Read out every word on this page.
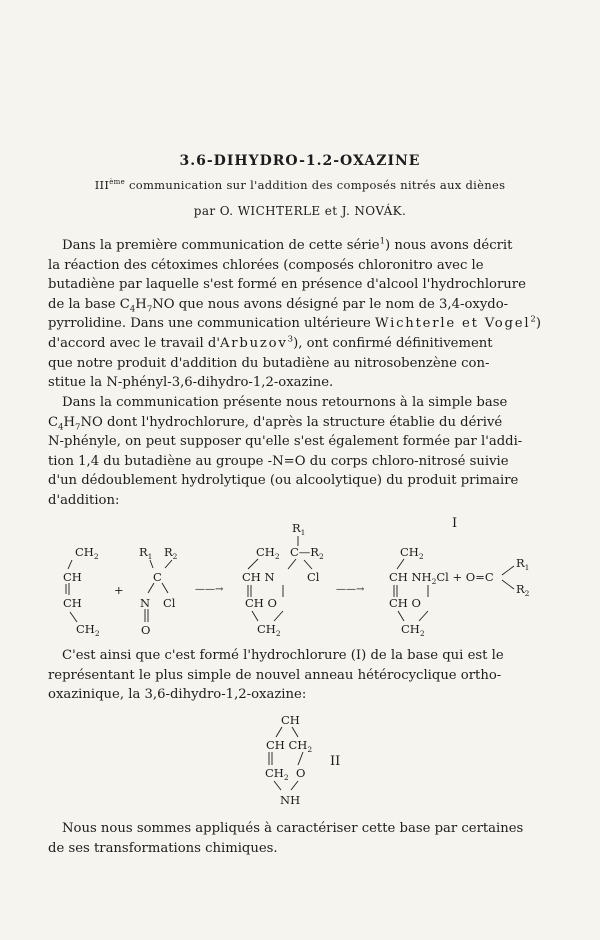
3.6-DIHYDRO-1.2-OXAZINE
IIIème communication sur l'addition des composés nitrés aux diènes
par O. WICHTERLE et J. NOVÁK.
Dans la première communication de cette série$^1$) nous avons décrit
la réaction des cétoximes chlorées (composés chloronitro avec le
butadiène par laquelle s'est formé en présence d'alcool l'hydrochlorure
de la base $C_4H_7NO$ que nous avons désigné par le nom de 3,4-oxydo-
pyrrolidine. Dans une communication ultérieure Wichterle et Vogel$^2$)
d'accord avec le travail d'Arbuzov$^3$), ont confirmé définitivement
que notre produit d'addition du butadiène au nitrosobenzène con-
stitue la N-phényl-3,6-dihydro-1,2-oxazine.
Dans la communication présente nous retournons à la simple base
$C_4H_7NO$ dont l'hydrochlorure, d'après la structure établie du dérivé
N-phényle, on peut supposer qu'elle s'est également formée par l'addi-
tion 1,4 du butadiène au groupe -N=O du corps chloro-nitrosé suivie
d'un dédoublement hydrolytique (ou alcoolytique) du produit primaire
d'addition:
$CH_2$
CH
CH
$CH_2$
+
$R_1$ $R_2$
C
N Cl
O
——→
$R_1$
$CH_2$ $C—R_2$
CH N	Cl
CH O
$CH_2$
——→
I
$CH_2$
CH $NH_2Cl + O=C$
$R_1$
$R_2$
CH O
$CH_2$
C'est ainsi que c'est formé l'hydrochlorure (I) de la base qui est le
représentant le plus simple de nouvel anneau hétérocyclique ortho-
oxazinique, la 3,6-dihydro-1,2-oxazine:
CH
CH $CH_2$
$CH_2$ O
NH
II
Nous nous sommes appliqués à caractériser cette base par certaines
de ses transformations chimiques.
